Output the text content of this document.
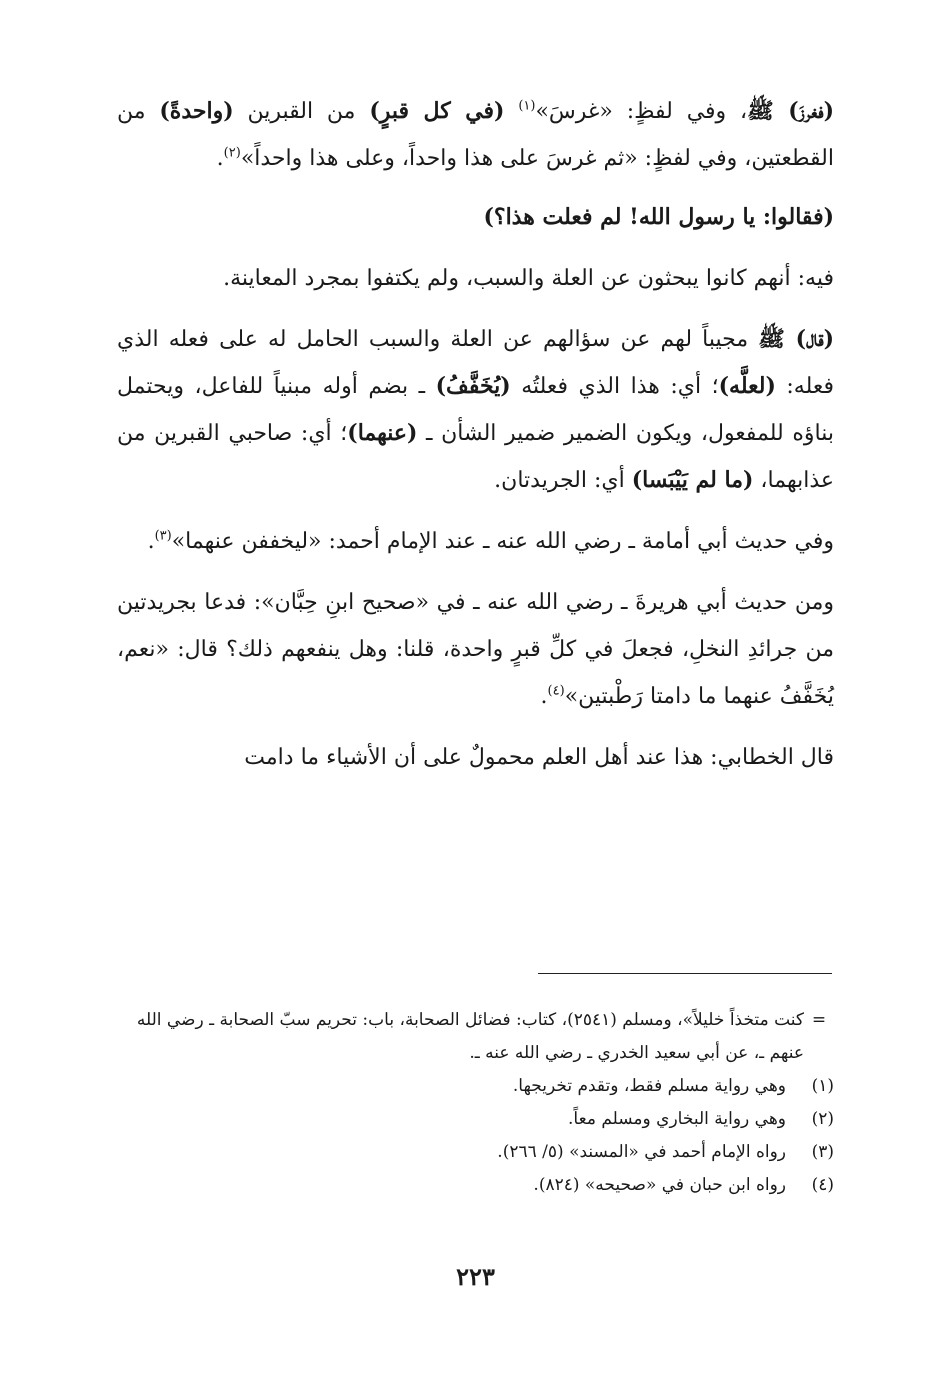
(فغرزَ) ﷺ، وفي لفظٍ: «غرسَ»$^{(١)}$ (في كل قبرٍ) من القبرين (واحدةً) من القطعتين، وفي لفظٍ: «ثم غرسَ على هذا واحداً، وعلى هذا واحداً»$^{(٢)}$.

(فقالوا: يا رسول الله! لم فعلت هذا؟)

فيه: أنهم كانوا يبحثون عن العلة والسبب، ولم يكتفوا بمجرد المعاينة.

(قال) ﷺ مجيباً لهم عن سؤالهم عن العلة والسبب الحامل له على فعله الذي فعله: (لعلَّه)؛ أي: هذا الذي فعلتُه (يُخَفَّفُ) ـ بضم أوله مبنياً للفاعل، ويحتمل بناؤه للمفعول، ويكون الضمير ضمير الشأن ـ (عنهما)؛ أي: صاحبي القبرين من عذابهما، (ما لم يَيْبَسا) أي: الجريدتان.

وفي حديث أبي أمامة ـ رضي الله عنه ـ عند الإمام أحمد: «ليخففن عنهما»$^{(٣)}$.

ومن حديث أبي هريرةَ ـ رضي الله عنه ـ في «صحيح ابنِ حِبَّان»: فدعا بجريدتين من جرائدِ النخلِ، فجعلَ في كلِّ قبرٍ واحدة، قلنا: وهل ينفعهم ذلك؟ قال: «نعم، يُخَفَّفُ عنهما ما دامتا رَطْبتين»$^{(٤)}$.

قال الخطابي: هذا عند أهل العلم محمولٌ على أن الأشياء ما دامت

=
كنت متخذاً خليلاً»، ومسلم (٢٥٤١)، كتاب: فضائل الصحابة، باب: تحريم سبّ الصحابة ـ رضي الله عنهم ـ، عن أبي سعيد الخدري ـ رضي الله عنه ـ.
(١)
وهي رواية مسلم فقط، وتقدم تخريجها.
(٢)
وهي رواية البخاري ومسلم معاً.
(٣)
رواه الإمام أحمد في «المسند» (٥/ ٢٦٦).
(٤)
رواه ابن حبان في «صحيحه» (٨٢٤).
٢٢٣
